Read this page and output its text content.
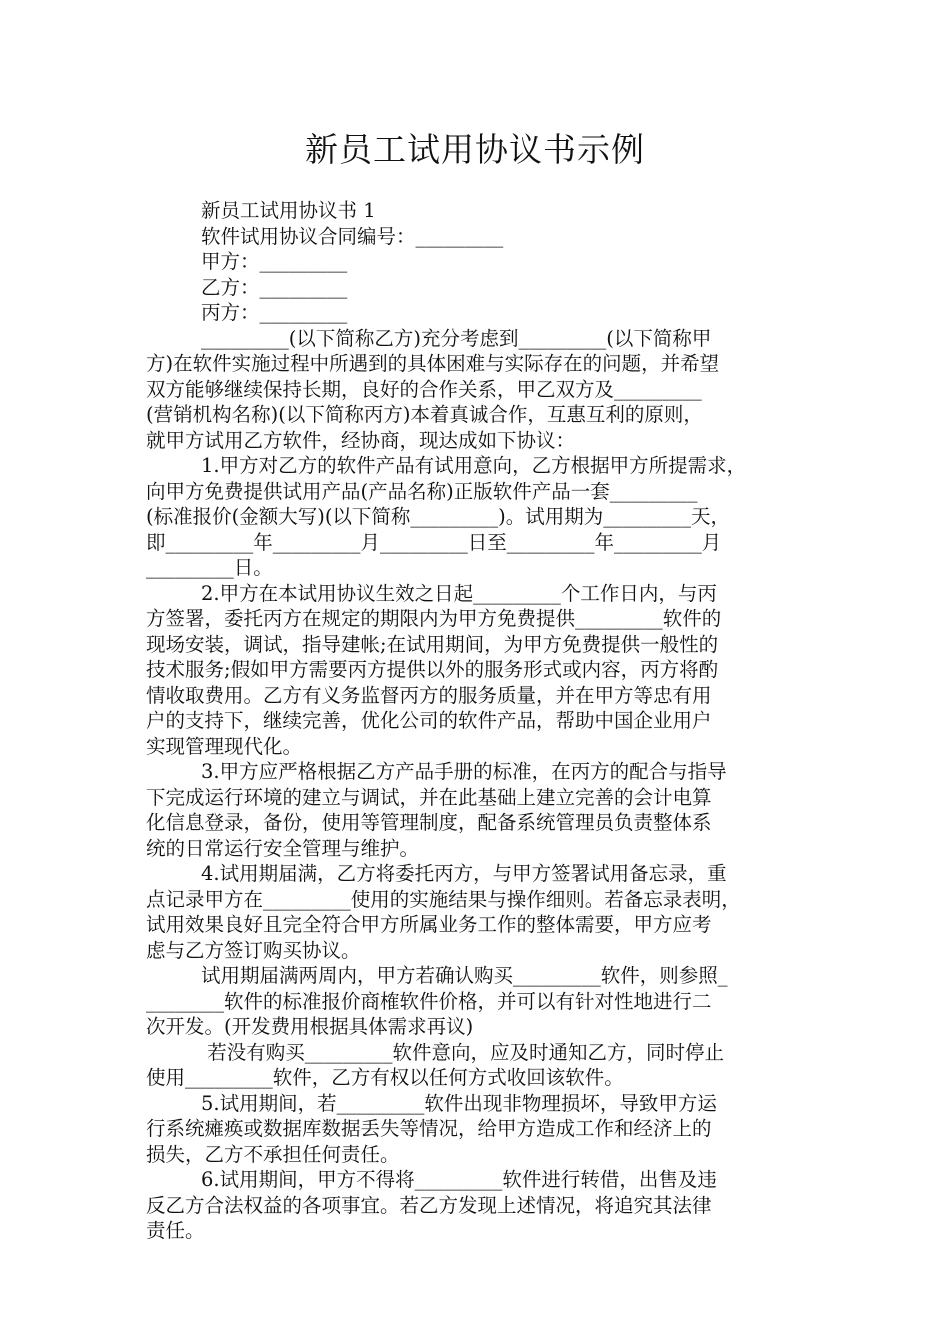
新员工试用协议书示例
新员工试用协议书 1
软件试用协议合同编号：_________
甲方：_________
乙方：_________
丙方：_________
_________(以下简称乙方)充分考虑到_________(以下简称甲
方)在软件实施过程中所遇到的具体困难与实际存在的问题，并希望
双方能够继续保持长期，良好的合作关系，甲乙双方及_________
(营销机构名称)(以下简称丙方)本着真诚合作，互惠互利的原则，
就甲方试用乙方软件，经协商，现达成如下协议：
1.甲方对乙方的软件产品有试用意向，乙方根据甲方所提需求，
向甲方免费提供试用产品(产品名称)正版软件产品一套_________
(标准报价(金额大写)(以下简称_________)。试用期为_________天，
即_________年_________月_________日至_________年_________月
_________日。
2.甲方在本试用协议生效之日起_________个工作日内，与丙
方签署，委托丙方在规定的期限内为甲方免费提供_________软件的
现场安装，调试，指导建帐;在试用期间，为甲方免费提供一般性的
技术服务;假如甲方需要丙方提供以外的服务形式或内容，丙方将酌
情收取费用。乙方有义务监督丙方的服务质量，并在甲方等忠有用
户的支持下，继续完善，优化公司的软件产品，帮助中国企业用户
实现管理现代化。
3.甲方应严格根据乙方产品手册的标准，在丙方的配合与指导
下完成运行环境的建立与调试，并在此基础上建立完善的会计电算
化信息登录，备份，使用等管理制度，配备系统管理员负责整体系
统的日常运行安全管理与维护。
4.试用期届满，乙方将委托丙方，与甲方签署试用备忘录，重
点记录甲方在_________使用的实施结果与操作细则。若备忘录表明，
试用效果良好且完全符合甲方所属业务工作的整体需要，甲方应考
虑与乙方签订购买协议。
试用期届满两周内，甲方若确认购买_________软件，则参照_
________软件的标准报价商榷软件价格，并可以有针对性地进行二
次开发。(开发费用根据具体需求再议)
若没有购买_________软件意向，应及时通知乙方，同时停止
使用_________软件，乙方有权以任何方式收回该软件。
5.试用期间，若_________软件出现非物理损坏，导致甲方运
行系统瘫痪或数据库数据丢失等情况，给甲方造成工作和经济上的
损失，乙方不承担任何责任。
6.试用期间，甲方不得将_________软件进行转借，出售及违
反乙方合法权益的各项事宜。若乙方发现上述情况，将追究其法律
责任。
